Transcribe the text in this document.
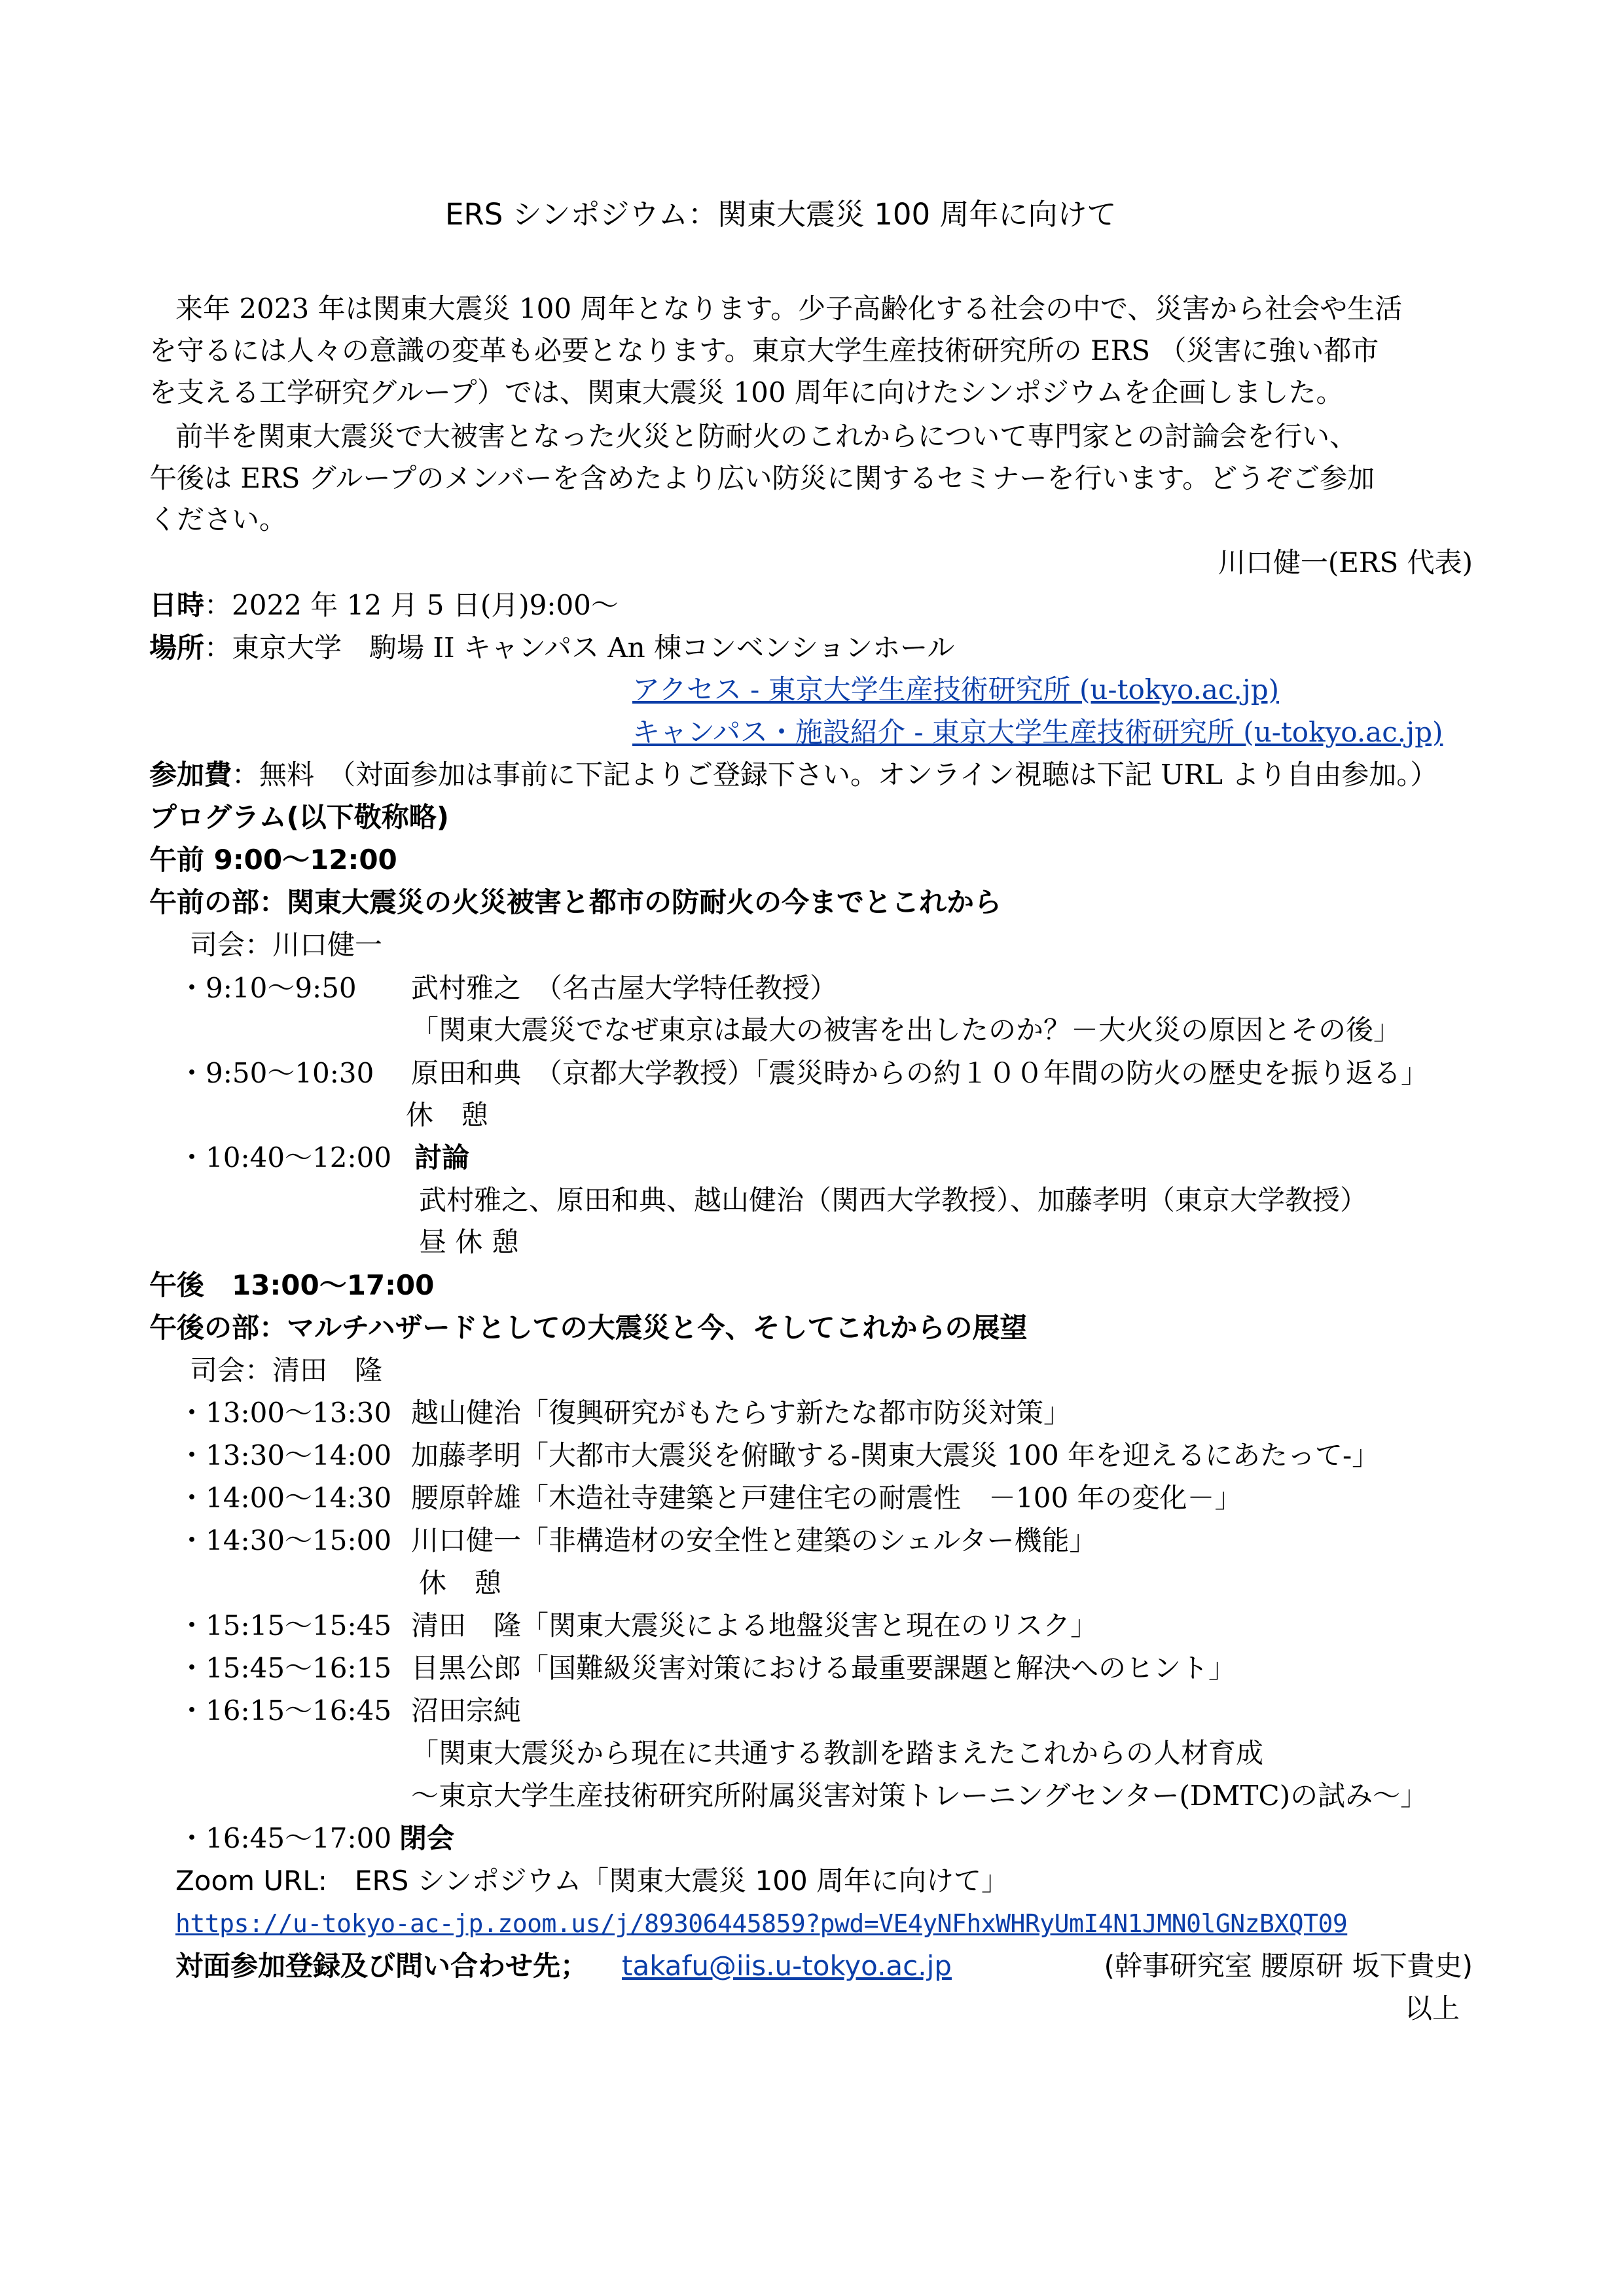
ERS シンポジウム：関東大震災 100 周年に向けて
来年 2023 年は関東大震災 100 周年となります。少子高齢化する社会の中で、災害から社会や生活
を守るには人々の意識の変革も必要となります。東京大学生産技術研究所の ERS （災害に強い都市
を支える工学研究グループ）では、関東大震災 100 周年に向けたシンポジウムを企画しました。
前半を関東大震災で大被害となった火災と防耐火のこれからについて専門家との討論会を行い、
午後は ERS グループのメンバーを含めたより広い防災に関するセミナーを行います。どうぞご参加
ください。
川口健一(ERS 代表)
日時：2022 年 12 月 5 日(月)9:00～
場所：東京大学　駒場 II キャンパス An 棟コンベンションホール
アクセス - 東京大学生産技術研究所 (u-tokyo.ac.jp)
キャンパス・施設紹介 - 東京大学生産技術研究所 (u-tokyo.ac.jp)
参加費：無料　（対面参加は事前に下記よりご登録下さい。オンライン視聴は下記 URL より自由参加。）
プログラム(以下敬称略)
午前 9:00～12:00
午前の部：関東大震災の火災被害と都市の防耐火の今までとこれから
司会：川口健一
・9:10～9:50 武村雅之　（名古屋大学特任教授）
「関東大震災でなぜ東京は最大の被害を出したのか？－大火災の原因とその後」
・9:50～10:30 原田和典　（京都大学教授）「震災時からの約１００年間の防火の歴史を振り返る」
休　憩
・10:40～12:00 討論
武村雅之、原田和典、越山健治（関西大学教授）、加藤孝明（東京大学教授）
昼 休 憩
午後　13:00～17:00
午後の部：マルチハザードとしての大震災と今、そしてこれからの展望
司会：清田　隆
・13:00～13:30 越山健治「復興研究がもたらす新たな都市防災対策」
・13:30～14:00 加藤孝明「大都市大震災を俯瞰する-関東大震災 100 年を迎えるにあたって-」
・14:00～14:30 腰原幹雄「木造社寺建築と戸建住宅の耐震性　－100 年の変化－」
・14:30～15:00 川口健一「非構造材の安全性と建築のシェルター機能」
休　憩
・15:15～15:45 清田　隆「関東大震災による地盤災害と現在のリスク」
・15:45～16:15 目黒公郎「国難級災害対策における最重要課題と解決へのヒント」
・16:15～16:45 沼田宗純
「関東大震災から現在に共通する教訓を踏まえたこれからの人材育成
～東京大学生産技術研究所附属災害対策トレーニングセンター(DMTC)の試み～」
・16:45～17:00 閉会
Zoom URL:　ERS シンポジウム「関東大震災 100 周年に向けて」
https://u-tokyo-ac-jp.zoom.us/j/89306445859?pwd=VE4yNFhxWHRyUmI4N1JMN0lGNzBXQT09
対面参加登録及び問い合わせ先； takafu@iis.u-tokyo.ac.jp	(幹事研究室 腰原研 坂下貴史)
以上
